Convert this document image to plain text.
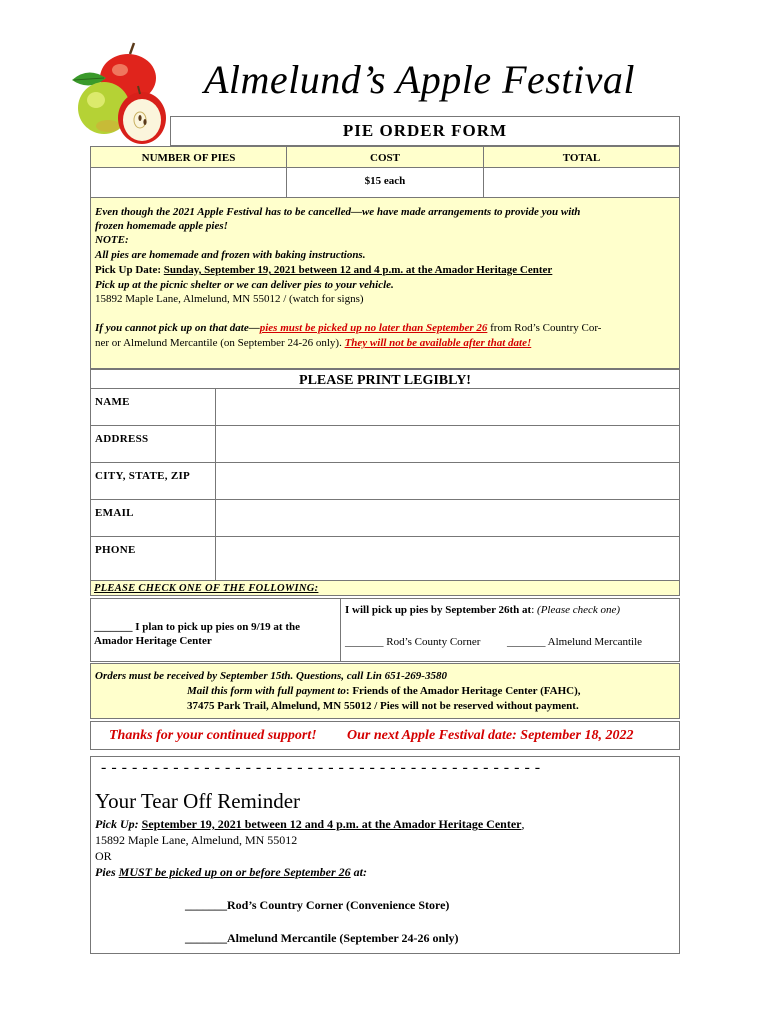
Almelund’s Apple Festival
PIE ORDER FORM
NUMBER OF PIES	COST	TOTAL
$15 each
Even though the 2021 Apple Festival has to be cancelled—we have made arrangements to provide you with
frozen homemade apple pies!
NOTE:
All pies are homemade and frozen with baking instructions.
Pick Up Date: Sunday, September 19, 2021 between 12 and 4 p.m. at the Amador Heritage Center
Pick up at the picnic shelter or we can deliver pies to your vehicle.
15892 Maple Lane, Almelund, MN 55012 / (watch for signs)
If you cannot pick up on that date—pies must be picked up no later than September 26 from Rod’s Country Cor-
ner or Almelund Mercantile (on September 24-26 only). They will not be available after that date!
PLEASE PRINT LEGIBLY!
NAME
ADDRESS
CITY, STATE, ZIP
EMAIL
PHONE
PLEASE CHECK ONE OF THE FOLLOWING:
_______ I plan to pick up pies on 9/19 at the
Amador Heritage Center
I will pick up pies by September 26th at: (Please check one)
_______ Rod’s County Corner _______ Almelund Mercantile
Orders must be received by September 15th. Questions, call Lin 651-269-3580
Mail this form with full payment to: Friends of the Amador Heritage Center (FAHC),
37475 Park Trail, Almelund, MN 55012 / Pies will not be reserved without payment.
Thanks for your continued support! Our next Apple Festival date: September 18, 2022
- - - - - - - - - - - - - - - - - - - - - - - - - - - - - - - - - - - - - - - - - - -
Your Tear Off Reminder
Pick Up: September 19, 2021 between 12 and 4 p.m. at the Amador Heritage Center,
15892 Maple Lane, Almelund, MN 55012
OR
Pies MUST be picked up on or before September 26 at:
_______Rod’s Country Corner (Convenience Store)
_______Almelund Mercantile (September 24-26 only)
